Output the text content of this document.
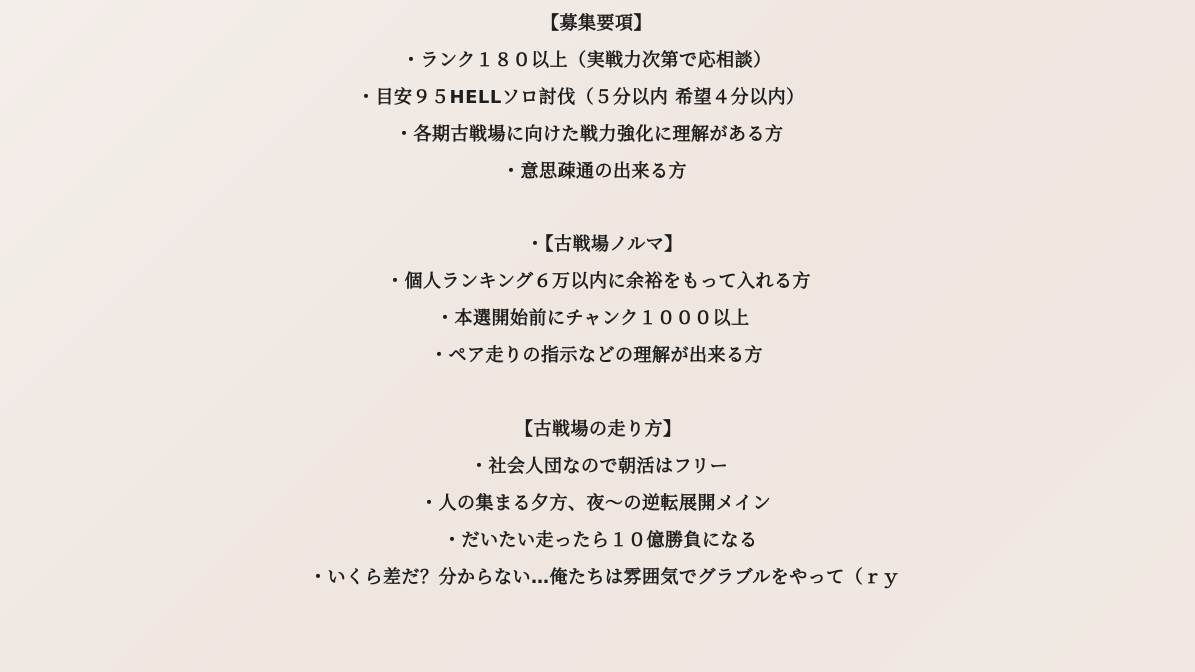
【募集要項】
・ランク１８０以上（実戦力次第で応相談）
・目安９５HELLソロ討伐（５分以内 希望４分以内）
・各期古戦場に向けた戦力強化に理解がある方
・意思疎通の出来る方
・【古戦場ノルマ】
・個人ランキング６万以内に余裕をもって入れる方
・本選開始前にチャンク１０００以上
・ペア走りの指示などの理解が出来る方
【古戦場の走り方】
・社会人団なので朝活はフリー
・人の集まる夕方、夜〜の逆転展開メイン
・だいたい走ったら１０億勝負になる
・いくら差だ？分からない…俺たちは雰囲気でグラブルをやって（ｒｙ
